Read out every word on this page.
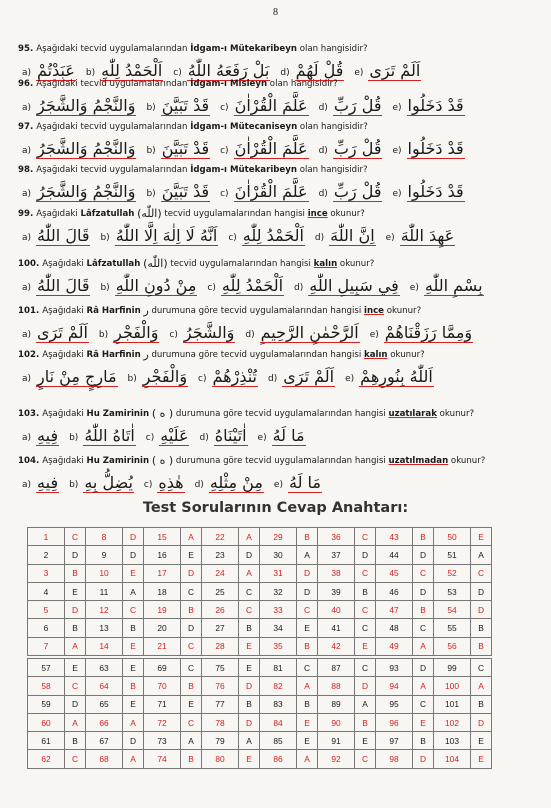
8
95. Aşağıdaki tecvid uygulamalarından İdgam-ı Mütekaribeyn olan hangisidir?
a) عَبَدْتُمْ b) اَلْحَمْدُ لِلّٰهِ c) بَلْ رَفَعَهُ اللّٰهُ d) قُلْ لَهُمْ e) اَلَمْ تَرَى
96. Aşağıdaki tecvid uygulamalarından İdgam-ı Misleyn olan hangisidir?
a) وَالنَّجْمُ وَالشَّجَرُ b) قَدْ تَبَيَّنَ c) عَلَّمَ الْقُرْاٰنَ d) قُلْ رَبِّ e) قَدْ دَخَلُوا
97. Aşağıdaki tecvid uygulamalarından İdgam-ı Mütecaniseyn olan hangisidir?
a) وَالنَّجْمُ وَالشَّجَرُ b) قَدْ تَبَيَّنَ c) عَلَّمَ الْقُرْاٰنَ d) قُلْ رَبِّ e) قَدْ دَخَلُوا
98. Aşağıdaki tecvid uygulamalarından İdgam-ı Mütekaribeyn olan hangisidir?
a) وَالنَّجْمُ وَالشَّجَرُ b) قَدْ تَبَيَّنَ c) عَلَّمَ الْقُرْاٰنَ d) قُلْ رَبِّ e) قَدْ دَخَلُوا
99. Aşağıdaki Lâfzatullah (اللّٰه) tecvid uygulamalarından hangisi ince okunur?
a) قَالَ اللّٰهُ b) اَنَّهُ لَا اِلٰهَ اِلَّا اللّٰهُ c) اَلْحَمْدُ لِلّٰهِ d) اِنَّ اللّٰهَ e) عَهِدَ اللّٰهَ
100. Aşağıdaki Lâfzatullah (اللّٰه) tecvid uygulamalarından hangisi kalın okunur?
a) قَالَ اللّٰهُ b) مِنْ دُونِ اللّٰهِ c) اَلْحَمْدُ لِلّٰهِ d) فِي سَبِيلِ اللّٰهِ e) بِسْمِ اللّٰهِ
101. Aşağıdaki Râ Harfinin ر durumuna göre tecvid uygulamalarından hangisi ince okunur?
a) اَلَمْ تَرَى b) وَالْفَجْرِ c) وَالشَّجَرُ d) اَلرَّحْمٰنِ الرَّحِيمِ e) وَمِمَّا رَزَقْنَاهُمْ
102. Aşağıdaki Râ Harfinin ر durumuna göre tecvid uygulamalarından hangisi kalın okunur?
a) مَارِجٍ مِنْ نَارٍ b) وَالْفَجْرِ c) تُنْذِرْهُمْ d) اَلَمْ تَرَى e) اَللّٰهُ بِنُورِهِمْ
103. Aşağıdaki Hu Zamirinin ( ه ) durumuna göre tecvid uygulamalarından hangisi uzatılarak okunur?
a) فِيهِ b) اٰتَاهُ اللّٰهُ c) عَلَيْهِ d) اٰتَيْنَاهُ e) مَا لَهُ
104. Aşağıdaki Hu Zamirinin ( ه ) durumuna göre tecvid uygulamalarından hangisi uzatılmadan okunur?
a) فِيهِ b) يُضِلُّ بِهِ c) هٰذِهِ d) مِنْ مِثْلِهِ e) مَا لَهُ
Test Sorularının Cevap Anahtarı:
1	C	8	D	15	A	22	A	29	B	36	C	43	B	50	E
2	D	9	D	16	E	23	D	30	A	37	D	44	D	51	A
3	B	10	E	17	D	24	A	31	D	38	C	45	C	52	C
4	E	11	A	18	C	25	C	32	D	39	B	46	D	53	D
5	D	12	C	19	B	26	C	33	C	40	C	47	B	54	D
6	B	13	B	20	D	27	B	34	E	41	C	48	C	55	B
7	A	14	E	21	C	28	E	35	B	42	E	49	A	56	B
57	E	63	E	69	C	75	E	81	C	87	C	93	D	99	C
58	C	64	B	70	B	76	D	82	A	88	D	94	A	100	A
59	D	65	E	71	E	77	B	83	B	89	A	95	C	101	B
60	A	66	A	72	C	78	D	84	E	90	B	96	E	102	D
61	B	67	D	73	A	79	A	85	E	91	E	97	B	103	E
62	C	68	A	74	B	80	E	86	A	92	C	98	D	104	E
